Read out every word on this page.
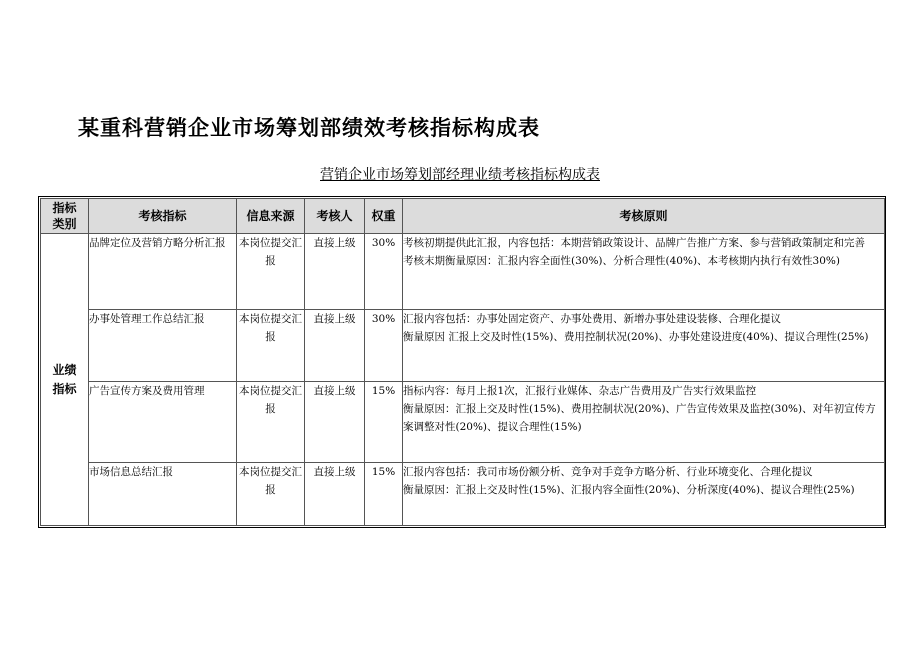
某重科营销企业市场筹划部绩效考核指标构成表
营销企业市场筹划部经理业绩考核指标构成表
指标
类别	考核指标	信息来源	考核人	权重	考核原则
业绩
指标	品牌定位及营销方略分析汇报	本岗位提交汇报	直接上级	30%	考核初期提供此汇报，内容包括：本期营销政策设计、品牌广告推广方案、参与营销政策制定和完善
考核末期衡量原因：汇报内容全面性(30%)、分析合理性(40%)、本考核期内执行有效性30%)
	办事处管理工作总结汇报	本岗位提交汇报	直接上级	30%	汇报内容包括：办事处固定资产、办事处费用、新增办事处建设装修、合理化提议
衡量原因 汇报上交及时性(15%)、费用控制状况(20%)、办事处建设进度(40%)、提议合理性(25%)
	广告宣传方案及费用管理	本岗位提交汇报	直接上级	15%	指标内容：每月上报1次，汇报行业媒体、杂志广告费用及广告实行效果监控
衡量原因：汇报上交及时性(15%)、费用控制状况(20%)、广告宣传效果及监控(30%)、对年初宣传方案调整对性(20%)、提议合理性(15%)
	市场信息总结汇报	本岗位提交汇报	直接上级	15%	汇报内容包括：我司市场份额分析、竞争对手竞争方略分析、行业环境变化、合理化提议
衡量原因：汇报上交及时性(15%)、汇报内容全面性(20%)、分析深度(40%)、提议合理性(25%)
